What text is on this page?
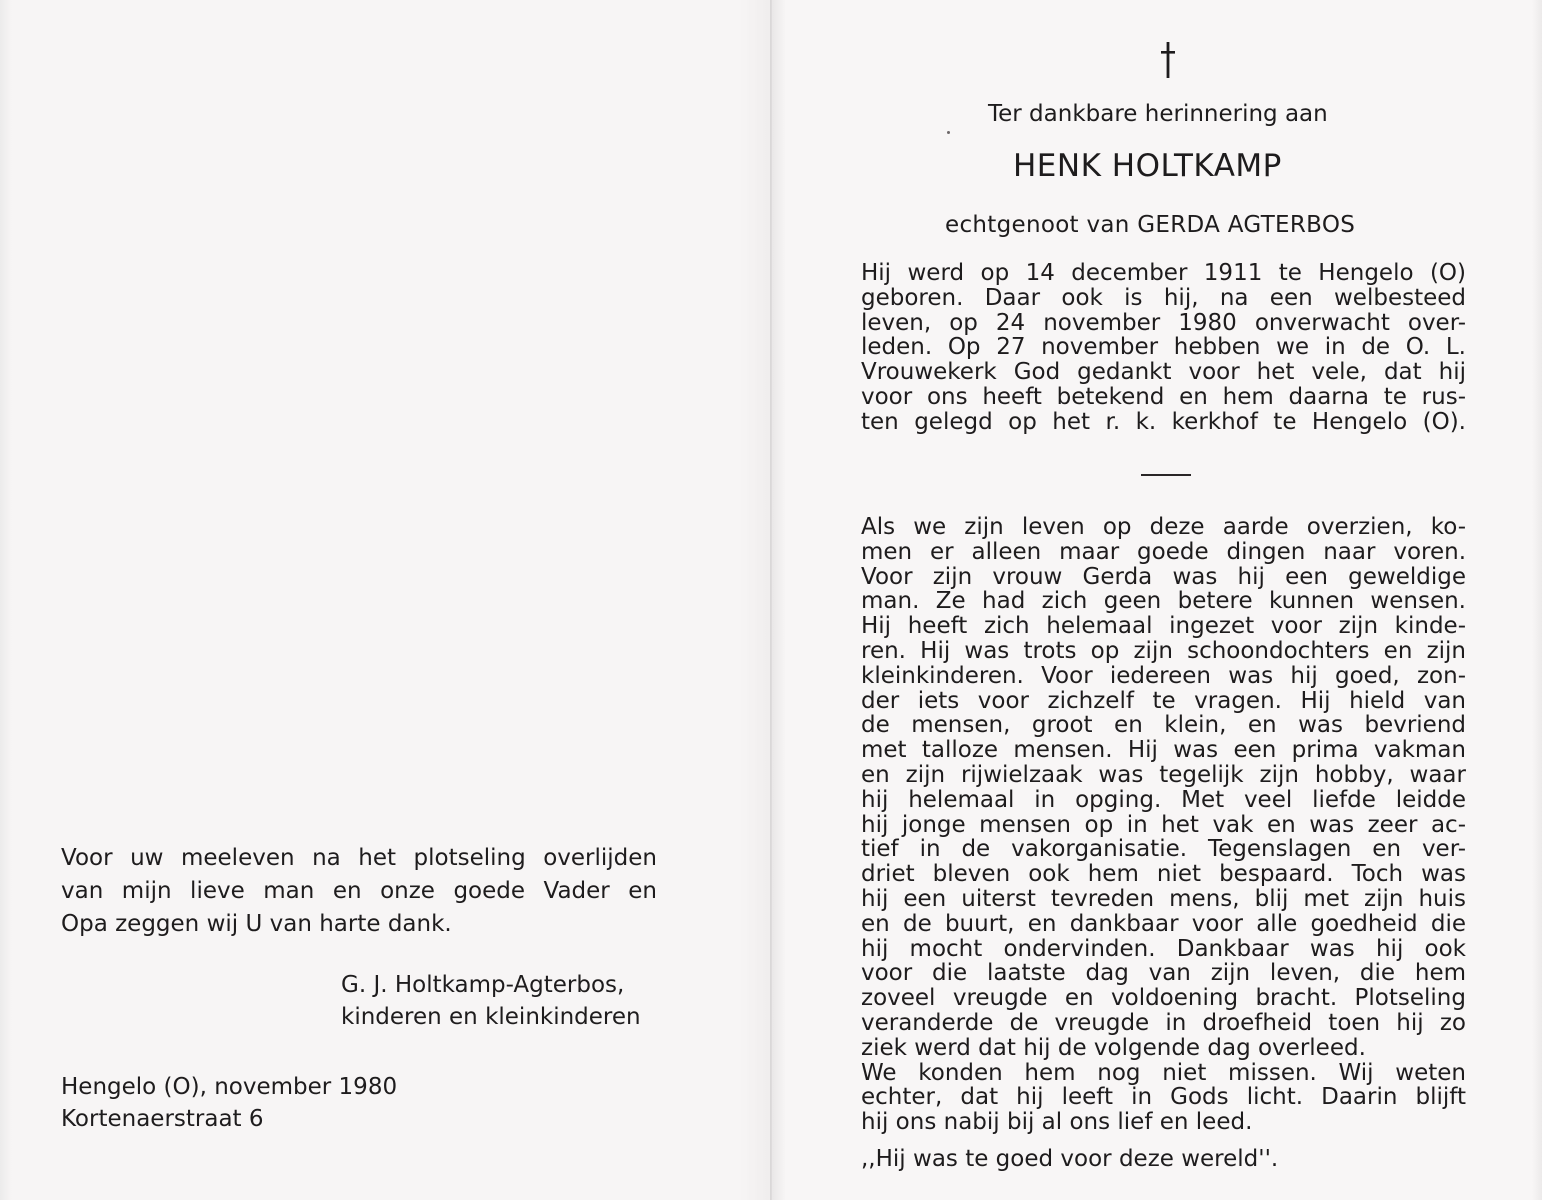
Voor uw meeleven na het plotseling overlijden
van mijn lieve man en onze goede Vader en
Opa zeggen wij U van harte dank.
G. J. Holtkamp-Agterbos,
kinderen en kleinkinderen
Hengelo (O), november 1980
Kortenaerstraat 6
Ter dankbare herinnering aan
HENK HOLTKAMP
echtgenoot van GERDA AGTERBOS
Hij werd op 14 december 1911 te Hengelo (O)
geboren. Daar ook is hij, na een welbesteed
leven, op 24 november 1980 onverwacht over-
leden. Op 27 november hebben we in de O. L.
Vrouwekerk God gedankt voor het vele, dat hij
voor ons heeft betekend en hem daarna te rus-
ten gelegd op het r. k. kerkhof te Hengelo (O).
Als we zijn leven op deze aarde overzien, ko-
men er alleen maar goede dingen naar voren.
Voor zijn vrouw Gerda was hij een geweldige
man. Ze had zich geen betere kunnen wensen.
Hij heeft zich helemaal ingezet voor zijn kinde-
ren. Hij was trots op zijn schoondochters en zijn
kleinkinderen. Voor iedereen was hij goed, zon-
der iets voor zichzelf te vragen. Hij hield van
de mensen, groot en klein, en was bevriend
met talloze mensen. Hij was een prima vakman
en zijn rijwielzaak was tegelijk zijn hobby, waar
hij helemaal in opging. Met veel liefde leidde
hij jonge mensen op in het vak en was zeer ac-
tief in de vakorganisatie. Tegenslagen en ver-
driet bleven ook hem niet bespaard. Toch was
hij een uiterst tevreden mens, blij met zijn huis
en de buurt, en dankbaar voor alle goedheid die
hij mocht ondervinden. Dankbaar was hij ook
voor die laatste dag van zijn leven, die hem
zoveel vreugde en voldoening bracht. Plotseling
veranderde de vreugde in droefheid toen hij zo
ziek werd dat hij de volgende dag overleed.
We konden hem nog niet missen. Wij weten
echter, dat hij leeft in Gods licht. Daarin blijft
hij ons nabij bij al ons lief en leed.
,,Hij was te goed voor deze wereld''.
